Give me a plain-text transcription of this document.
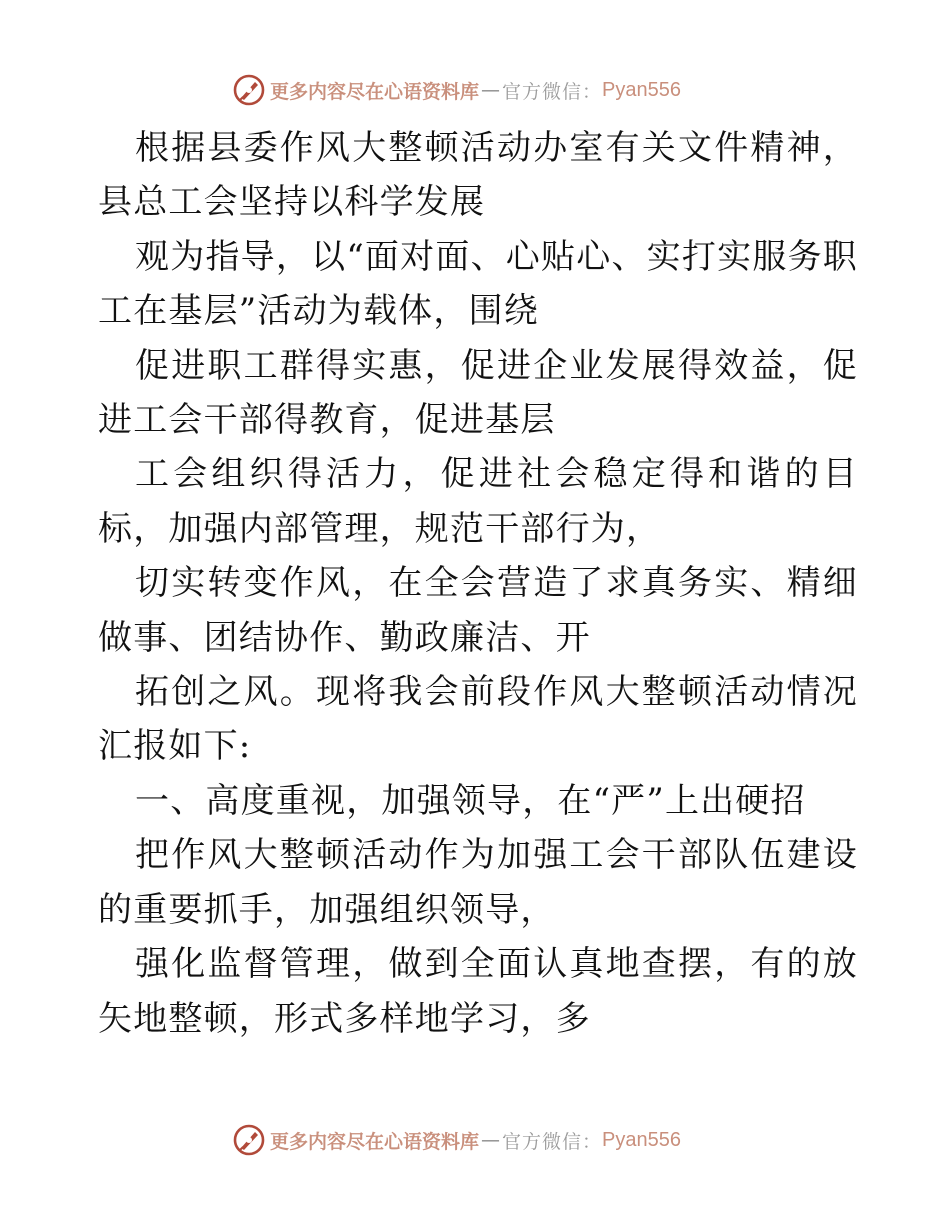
更多内容尽在心语资料库 — 官方微信： Pyan556

根据县委作风大整顿活动办室有关文件精神，县总工会坚持以科学发展

观为指导，以“面对面、心贴心、实打实服务职工在基层”活动为载体，围绕

促进职工群得实惠，促进企业发展得效益，促进工会干部得教育，促进基层

工会组织得活力，促进社会稳定得和谐的目标，加强内部管理，规范干部行为，

切实转变作风，在全会营造了求真务实、精细做事、团结协作、勤政廉洁、开

拓创之风。现将我会前段作风大整顿活动情况汇报如下:

一、高度重视，加强领导，在“严”上出硬招

把作风大整顿活动作为加强工会干部队伍建设的重要抓手，加强组织领导，

强化监督管理，做到全面认真地查摆，有的放矢地整顿，形式多样地学习，多

更多内容尽在心语资料库 — 官方微信： Pyan556
